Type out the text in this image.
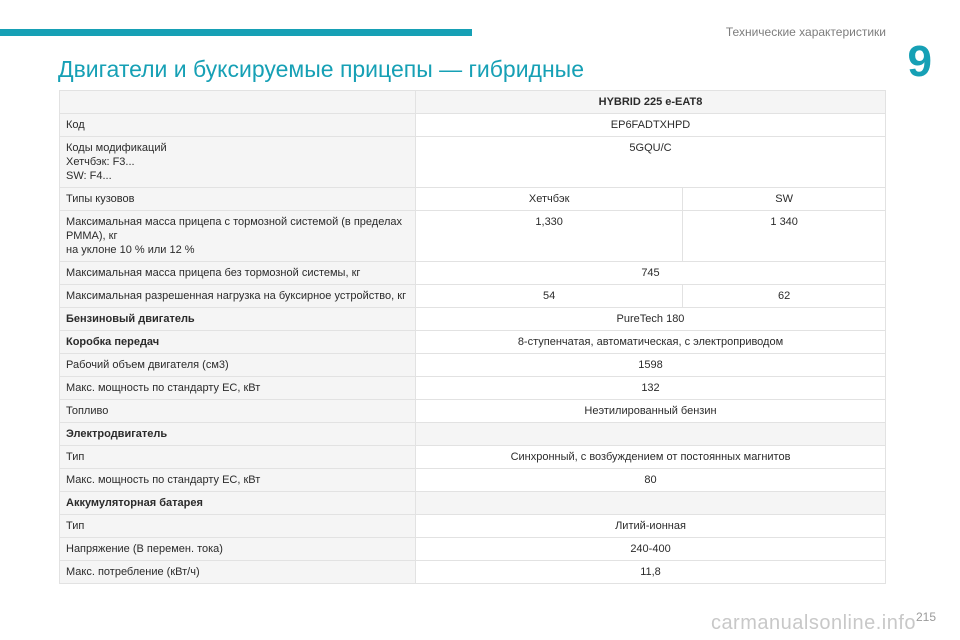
Технические характеристики
9
Двигатели и буксируемые прицепы — гибридные
	HYBRID 225 e-EAT8	
Код	EP6FADTXHPD	
Коды модификаций
Хетчбэк: F3...
SW: F4...	5GQU/C	
Типы кузовов	Хетчбэк	SW
Максимальная масса прицепа с тормозной системой (в пределах РММА), кг
на уклоне 10 % или 12 %	1,330	1 340
Максимальная масса прицепа без тормозной системы, кг	745	
Максимальная разрешенная нагрузка на буксирное устройство, кг	54	62
Бензиновый двигатель	PureTech 180	
Коробка передач	8-ступенчатая, автоматическая, с электроприводом	
Рабочий объем двигателя (см3)	1598	
Макс. мощность по стандарту ЕС, кВт	132	
Топливо	Неэтилированный бензин	
Электродвигатель		
Тип	Синхронный, с возбуждением от постоянных магнитов	
Макс. мощность по стандарту ЕС, кВт	80	
Аккумуляторная батарея		
Тип	Литий-ионная	
Напряжение (В перемен. тока)	240-400	
Макс. потребление (кВт/ч)	11,8	
215
carmanualsonline.info
